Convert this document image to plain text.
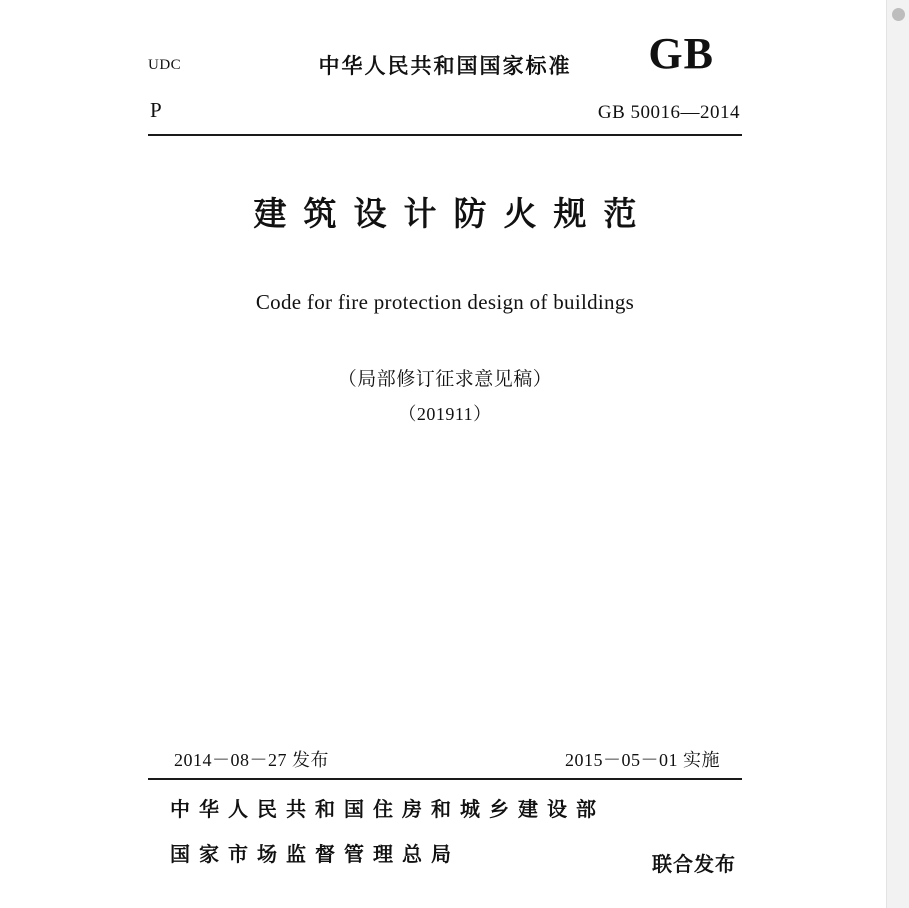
UDC	中华人民共和国国家标准	GB
P	GB 50016—2014
建筑设计防火规范
Code for fire protection design of buildings
（局部修订征求意见稿）
（201911）
2014－08－27 发布	2015－05－01 实施
中华人民共和国住房和城乡建设部
国家市场监督管理总局	联合发布
